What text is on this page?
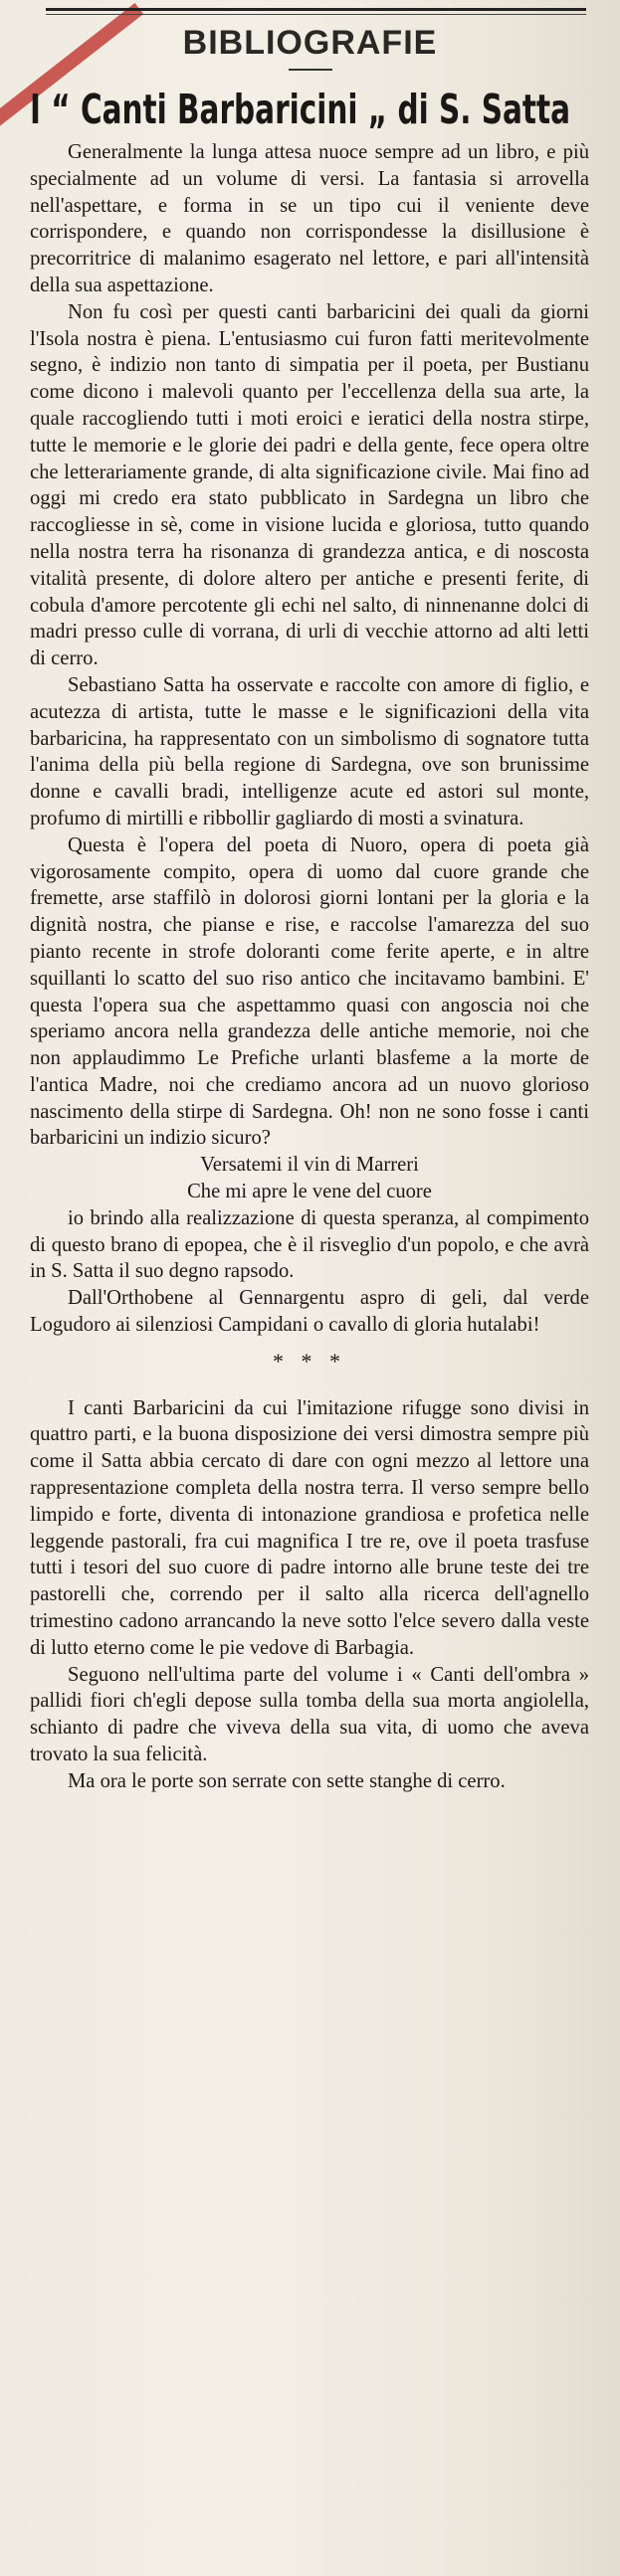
BIBLIOGRAFIE
I “ Canti Barbaricini „ di S. Satta

Generalmente la lunga attesa nuoce sempre ad un libro, e più specialmente ad un volume di versi. La fantasia si arrovella nell'aspettare, e forma in se un tipo cui il veniente deve corrispondere, e quando non corrispondesse la disillusione è precorritrice di malanimo esagerato nel lettore, e pari all'intensità della sua aspettazione.

Non fu così per questi canti barbaricini dei quali da giorni l'Isola nostra è piena. L'entusiasmo cui furon fatti meritevolmente segno, è indizio non tanto di simpatia per il poeta, per Bustianu come dicono i malevoli quanto per l'eccellenza della sua arte, la quale raccogliendo tutti i moti eroici e ieratici della nostra stirpe, tutte le memorie e le glorie dei padri e della gente, fece opera oltre che letterariamente grande, di alta significazione civile. Mai fino ad oggi mi credo era stato pubblicato in Sardegna un libro che raccogliesse in sè, come in visione lucida e gloriosa, tutto quando nella nostra terra ha risonanza di grandezza antica, e di noscosta vitalità presente, di dolore altero per antiche e presenti ferite, di cobula d'amore percotente gli echi nel salto, di ninnenanne dolci di madri presso culle di vorrana, di urli di vecchie attorno ad alti letti di cerro.

Sebastiano Satta ha osservate e raccolte con amore di figlio, e acutezza di artista, tutte le masse e le significazioni della vita barbaricina, ha rappresentato con un simbolismo di sognatore tutta l'anima della più bella regione di Sardegna, ove son brunissime donne e cavalli bradi, intelligenze acute ed astori sul monte, profumo di mirtilli e ribbollir gagliardo di mosti a svinatura.

Questa è l'opera del poeta di Nuoro, opera di poeta già vigorosamente compito, opera di uomo dal cuore grande che fremette, arse staffilò in dolorosi giorni lontani per la gloria e la dignità nostra, che pianse e rise, e raccolse l'amarezza del suo pianto recente in strofe doloranti come ferite aperte, e in altre squillanti lo scatto del suo riso antico che incitavamo bambini. E' questa l'opera sua che aspettammo quasi con angoscia noi che speriamo ancora nella grandezza delle antiche memorie, noi che non applaudimmo Le Prefiche urlanti blasfeme a la morte de l'antica Madre, noi che crediamo ancora ad un nuovo glorioso nascimento della stirpe di Sardegna. Oh! non ne sono fosse i canti barbaricini un indizio sicuro?

Versatemi il vin di Marreri

Che mi apre le vene del cuore

io brindo alla realizzazione di questa speranza, al compimento di questo brano di epopea, che è il risveglio d'un popolo, e che avrà in S. Satta il suo degno rapsodo.

Dall'Orthobene al Gennargentu aspro di geli, dal verde Logudoro ai silenziosi Campidani o cavallo di gloria hutalabi!

* * *

I canti Barbaricini da cui l'imitazione rifugge sono divisi in quattro parti, e la buona disposizione dei versi dimostra sempre più come il Satta abbia cercato di dare con ogni mezzo al lettore una rappresentazione completa della nostra terra. Il verso sempre bello limpido e forte, diventa di intonazione grandiosa e profetica nelle leggende pastorali, fra cui magnifica I tre re, ove il poeta trasfuse tutti i tesori del suo cuore di padre intorno alle brune teste dei tre pastorelli che, correndo per il salto alla ricerca dell'agnello trimestino cadono arrancando la neve sotto l'elce severo dalla veste di lutto eterno come le pie vedove di Barbagia.

Seguono nell'ultima parte del volume i « Canti dell'ombra » pallidi fiori ch'egli depose sulla tomba della sua morta angiolella, schianto di padre che viveva della sua vita, di uomo che aveva trovato la sua felicità.

Ma ora le porte son serrate con sette stanghe di cerro.
